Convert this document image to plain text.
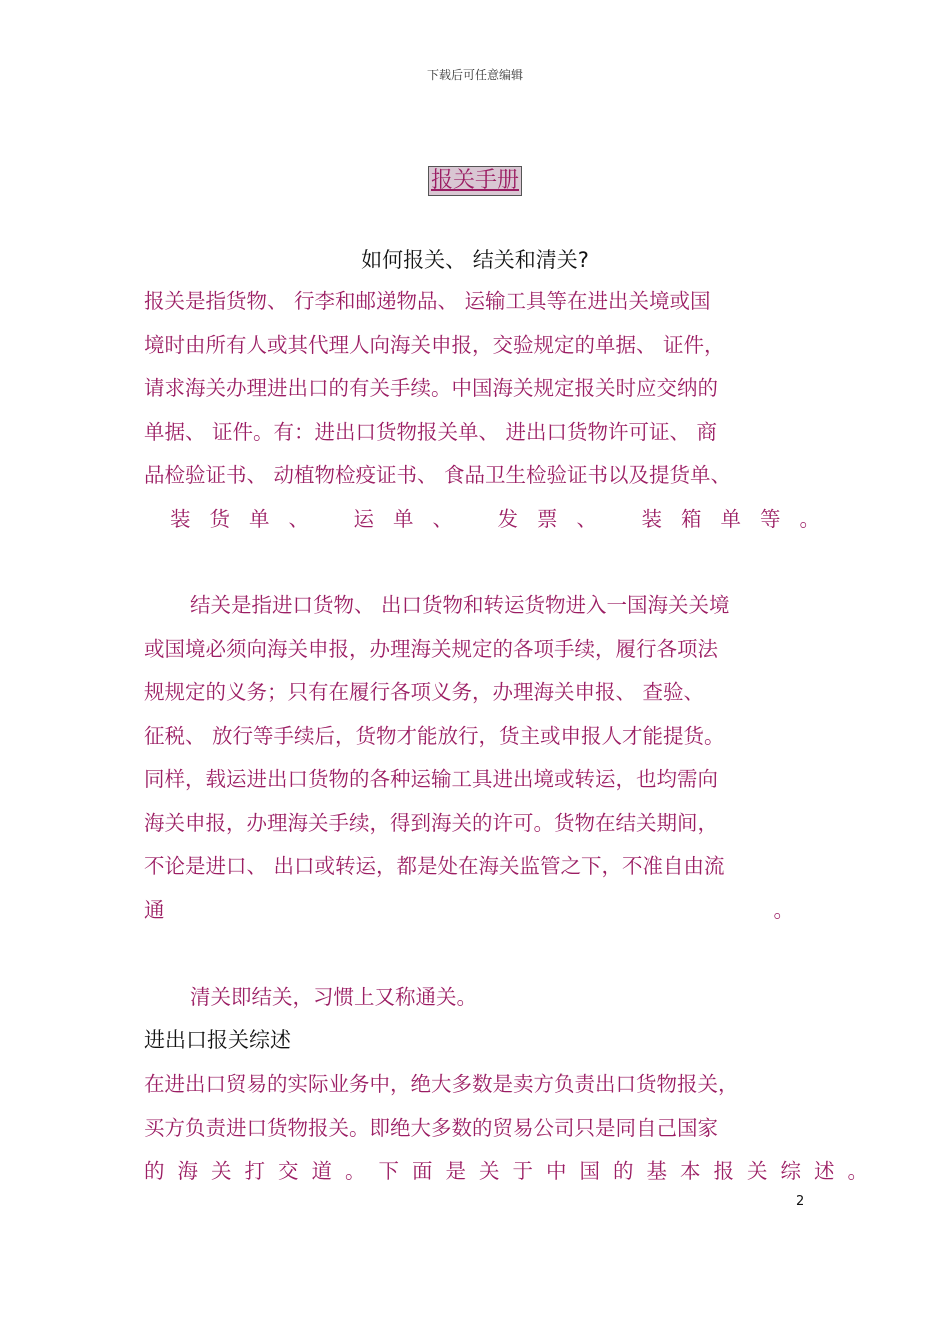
下载后可任意编辑
报关手册
如何报关、 结关和清关?
报关是指货物、 行李和邮递物品、 运输工具等在进出关境或国
境时由所有人或其代理人向海关申报，交验规定的单据、 证件，
请求海关办理进出口的有关手续。中国海关规定报关时应交纳的
单据、 证件。有：进出口货物报关单、 进出口货物许可证、 商
品检验证书、 动植物检疫证书、 食品卫生检验证书以及提货单、
装货单、 运单、 发票、 装箱单等。
结关是指进口货物、 出口货物和转运货物进入一国海关关境
或国境必须向海关申报，办理海关规定的各项手续，履行各项法
规规定的义务；只有在履行各项义务，办理海关申报、 查验、
征税、 放行等手续后，货物才能放行，货主或申报人才能提货。
同样，载运进出口货物的各种运输工具进出境或转运，也均需向
海关申报，办理海关手续，得到海关的许可。货物在结关期间，
不论是进口、 出口或转运，都是处在海关监管之下，不准自由流
通	。
清关即结关，习惯上又称通关。
进出口报关综述
在进出口贸易的实际业务中，绝大多数是卖方负责出口货物报关，
买方负责进口货物报关。即绝大多数的贸易公司只是同自己国家
的海关打交道。下面是关于中国的基本报关综述。
2
